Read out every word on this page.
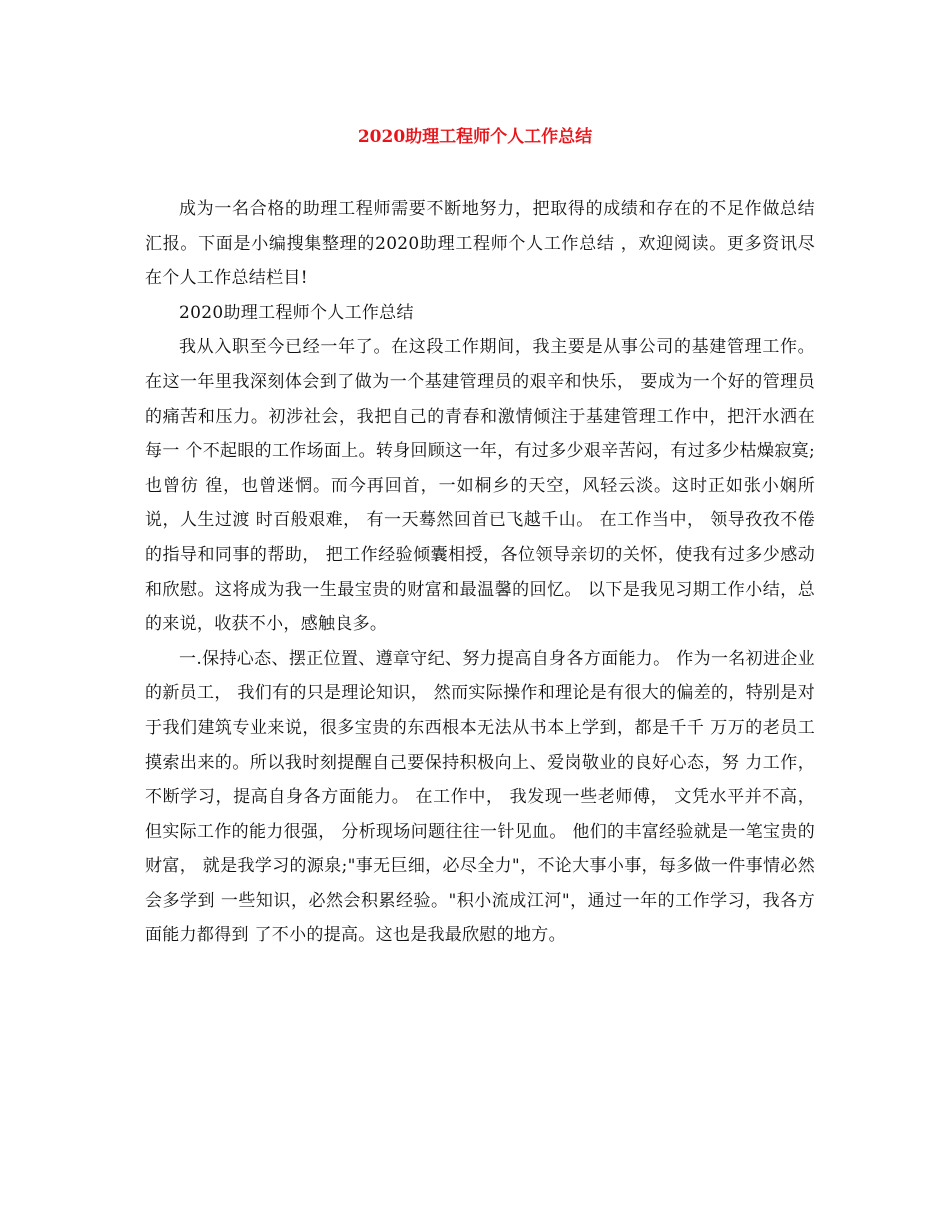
2020助理工程师个人工作总结

成为一名合格的助理工程师需要不断地努力，把取得的成绩和存在的不足作做总结汇报。下面是小编搜集整理的2020助理工程师个人工作总结 ，欢迎阅读。更多资讯尽在个人工作总结栏目!

2020助理工程师个人工作总结

我从入职至今已经一年了。在这段工作期间，我主要是从事公司的基建管理工作。 在这一年里我深刻体会到了做为一个基建管理员的艰辛和快乐， 要成为一个好的管理员 的痛苦和压力。初涉社会，我把自己的青春和激情倾注于基建管理工作中，把汗水洒在每一 个不起眼的工作场面上。转身回顾这一年，有过多少艰辛苦闷，有过多少枯燥寂寞;也曾彷 徨，也曾迷惘。而今再回首，一如桐乡的天空，风轻云淡。这时正如张小娴所说，人生过渡 时百般艰难， 有一天蓦然回首已飞越千山。 在工作当中， 领导孜孜不倦的指导和同事的帮助， 把工作经验倾囊相授，各位领导亲切的关怀，使我有过多少感动和欣慰。这将成为我一生最宝贵的财富和最温馨的回忆。 以下是我见习期工作小结，总的来说，收获不小，感触良多。

一.保持心态、摆正位置、遵章守纪、努力提高自身各方面能力。 作为一名初进企业的新员工， 我们有的只是理论知识， 然而实际操作和理论是有很大的偏差的，特别是对于我们建筑专业来说，很多宝贵的东西根本无法从书本上学到，都是千千 万万的老员工摸索出来的。所以我时刻提醒自己要保持积极向上、爱岗敬业的良好心态，努 力工作，不断学习，提高自身各方面能力。 在工作中， 我发现一些老师傅， 文凭水平并不高， 但实际工作的能力很强， 分析现场问题往往一针见血。 他们的丰富经验就是一笔宝贵的财富， 就是我学习的源泉;"事无巨细，必尽全力"，不论大事小事，每多做一件事情必然会多学到 一些知识，必然会积累经验。"积小流成江河"，通过一年的工作学习，我各方面能力都得到 了不小的提高。这也是我最欣慰的地方。
